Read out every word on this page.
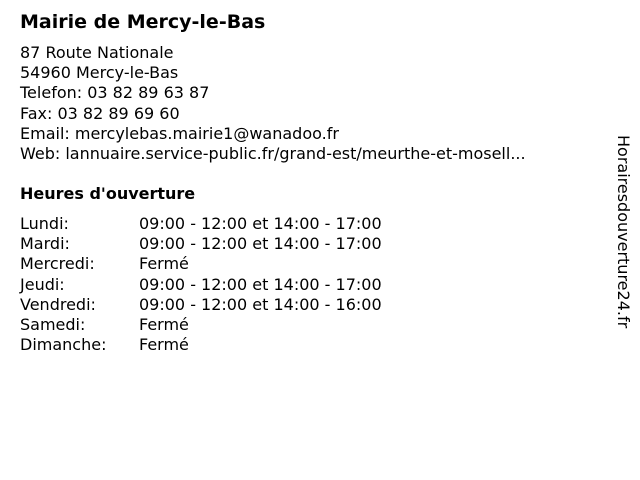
Mairie de Mercy-le-Bas
87 Route Nationale
54960 Mercy-le-Bas
Telefon: 03 82 89 63 87
Fax: 03 82 89 69 60
Email: mercylebas.mairie1@wanadoo.fr
Web: lannuaire.service-public.fr/grand-est/meurthe-et-mosell...
Heures d'ouverture
Lundi:	09:00 - 12:00 et 14:00 - 17:00
Mardi:	09:00 - 12:00 et 14:00 - 17:00
Mercredi:	Fermé
Jeudi:	09:00 - 12:00 et 14:00 - 17:00
Vendredi:	09:00 - 12:00 et 14:00 - 16:00
Samedi:	Fermé
Dimanche: Fermé
Horairesdouverture24.fr
